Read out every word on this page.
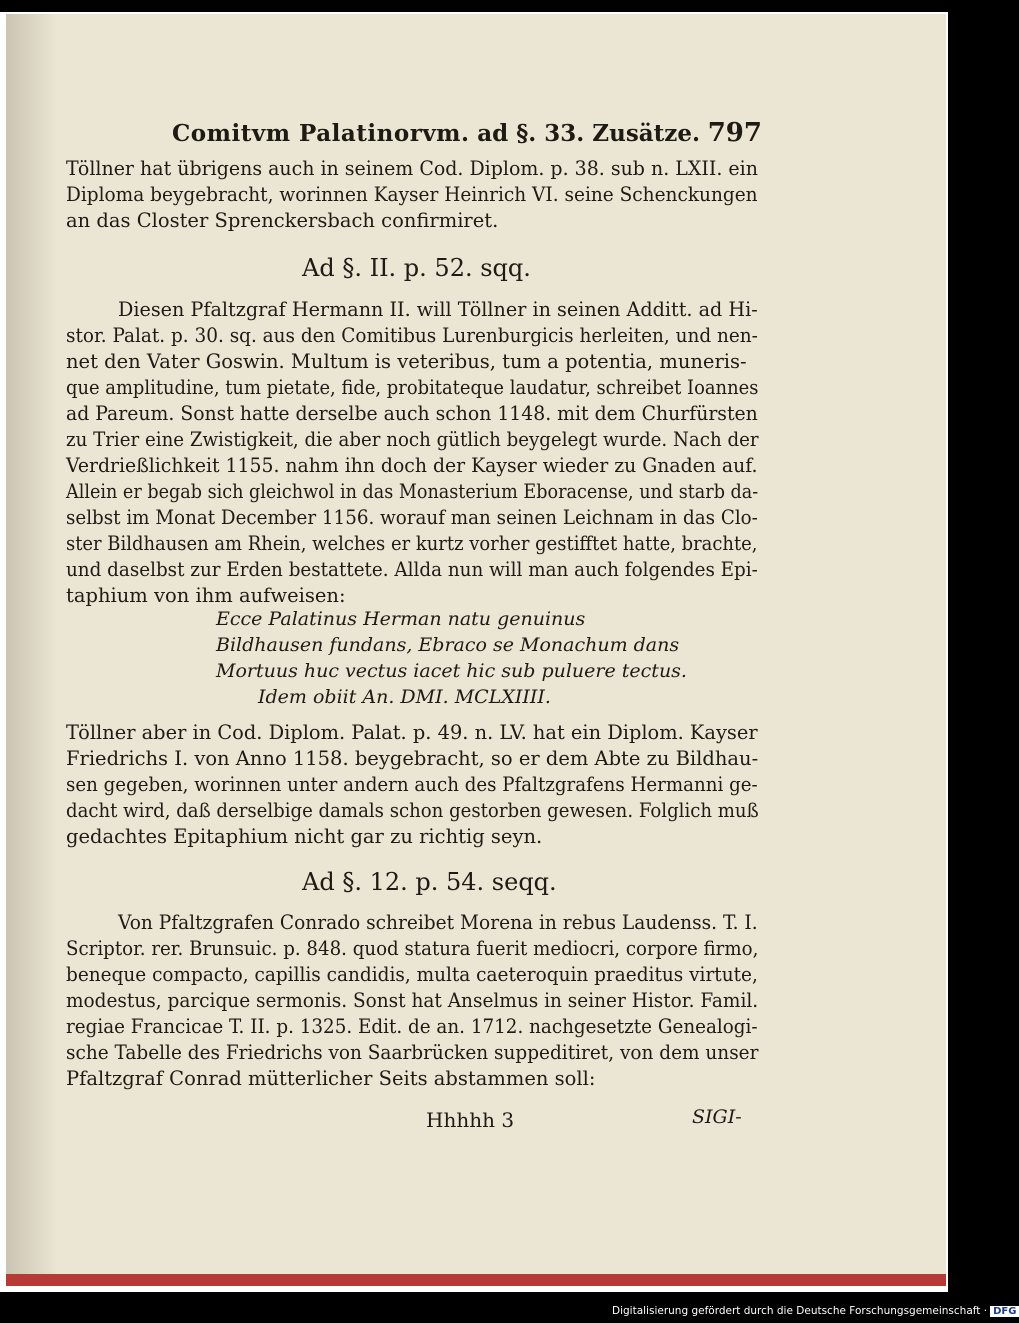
Comitvm Palatinorvm. ad §. 33. Zusätze. 797
Töllner hat übrigens auch in seinem Cod. Diplom. p. 38. sub n. LXII. ein
Diploma beygebracht, worinnen Kayser Heinrich VI. seine Schenckungen
an das Closter Sprenckersbach confirmiret.
Ad §. II. p. 52. sqq.
Diesen Pfaltzgraf Hermann II. will Töllner in seinen Additt. ad Hi-
stor. Palat. p. 30. sq. aus den Comitibus Lurenburgicis herleiten, und nen-
net den Vater Goswin. Multum is veteribus, tum a potentia, muneris-
que amplitudine, tum pietate, fide, probitateque laudatur, schreibet Ioannes
ad Pareum. Sonst hatte derselbe auch schon 1148. mit dem Churfürsten
zu Trier eine Zwistigkeit, die aber noch gütlich beygelegt wurde. Nach der
Verdrießlichkeit 1155. nahm ihn doch der Kayser wieder zu Gnaden auf.
Allein er begab sich gleichwol in das Monasterium Eboracense, und starb da-
selbst im Monat December 1156. worauf man seinen Leichnam in das Clo-
ster Bildhausen am Rhein, welches er kurtz vorher gestifftet hatte, brachte,
und daselbst zur Erden bestattete. Allda nun will man auch folgendes Epi-
taphium von ihm aufweisen:
Ecce Palatinus Herman natu genuinus
Bildhausen fundans, Ebraco se Monachum dans
Mortuus huc vectus iacet hic sub puluere tectus.
Idem obiit An. DMI. MCLXIIII.
Töllner aber in Cod. Diplom. Palat. p. 49. n. LV. hat ein Diplom. Kayser
Friedrichs I. von Anno 1158. beygebracht, so er dem Abte zu Bildhau-
sen gegeben, worinnen unter andern auch des Pfaltzgrafens Hermanni ge-
dacht wird, daß derselbige damals schon gestorben gewesen. Folglich muß
gedachtes Epitaphium nicht gar zu richtig seyn.
Ad §. 12. p. 54. seqq.
Von Pfaltzgrafen Conrado schreibet Morena in rebus Laudenss. T. I.
Scriptor. rer. Brunsuic. p. 848. quod statura fuerit mediocri, corpore firmo,
beneque compacto, capillis candidis, multa caeteroquin praeditus virtute,
modestus, parcique sermonis. Sonst hat Anselmus in seiner Histor. Famil.
regiae Francicae T. II. p. 1325. Edit. de an. 1712. nachgesetzte Genealogi-
sche Tabelle des Friedrichs von Saarbrücken suppeditiret, von dem unser
Pfaltzgraf Conrad mütterlicher Seits abstammen soll:
Hhhhh 3	SIGI-
Digitalisierung gefördert durch die Deutsche Forschungsgemeinschaft · DFG
